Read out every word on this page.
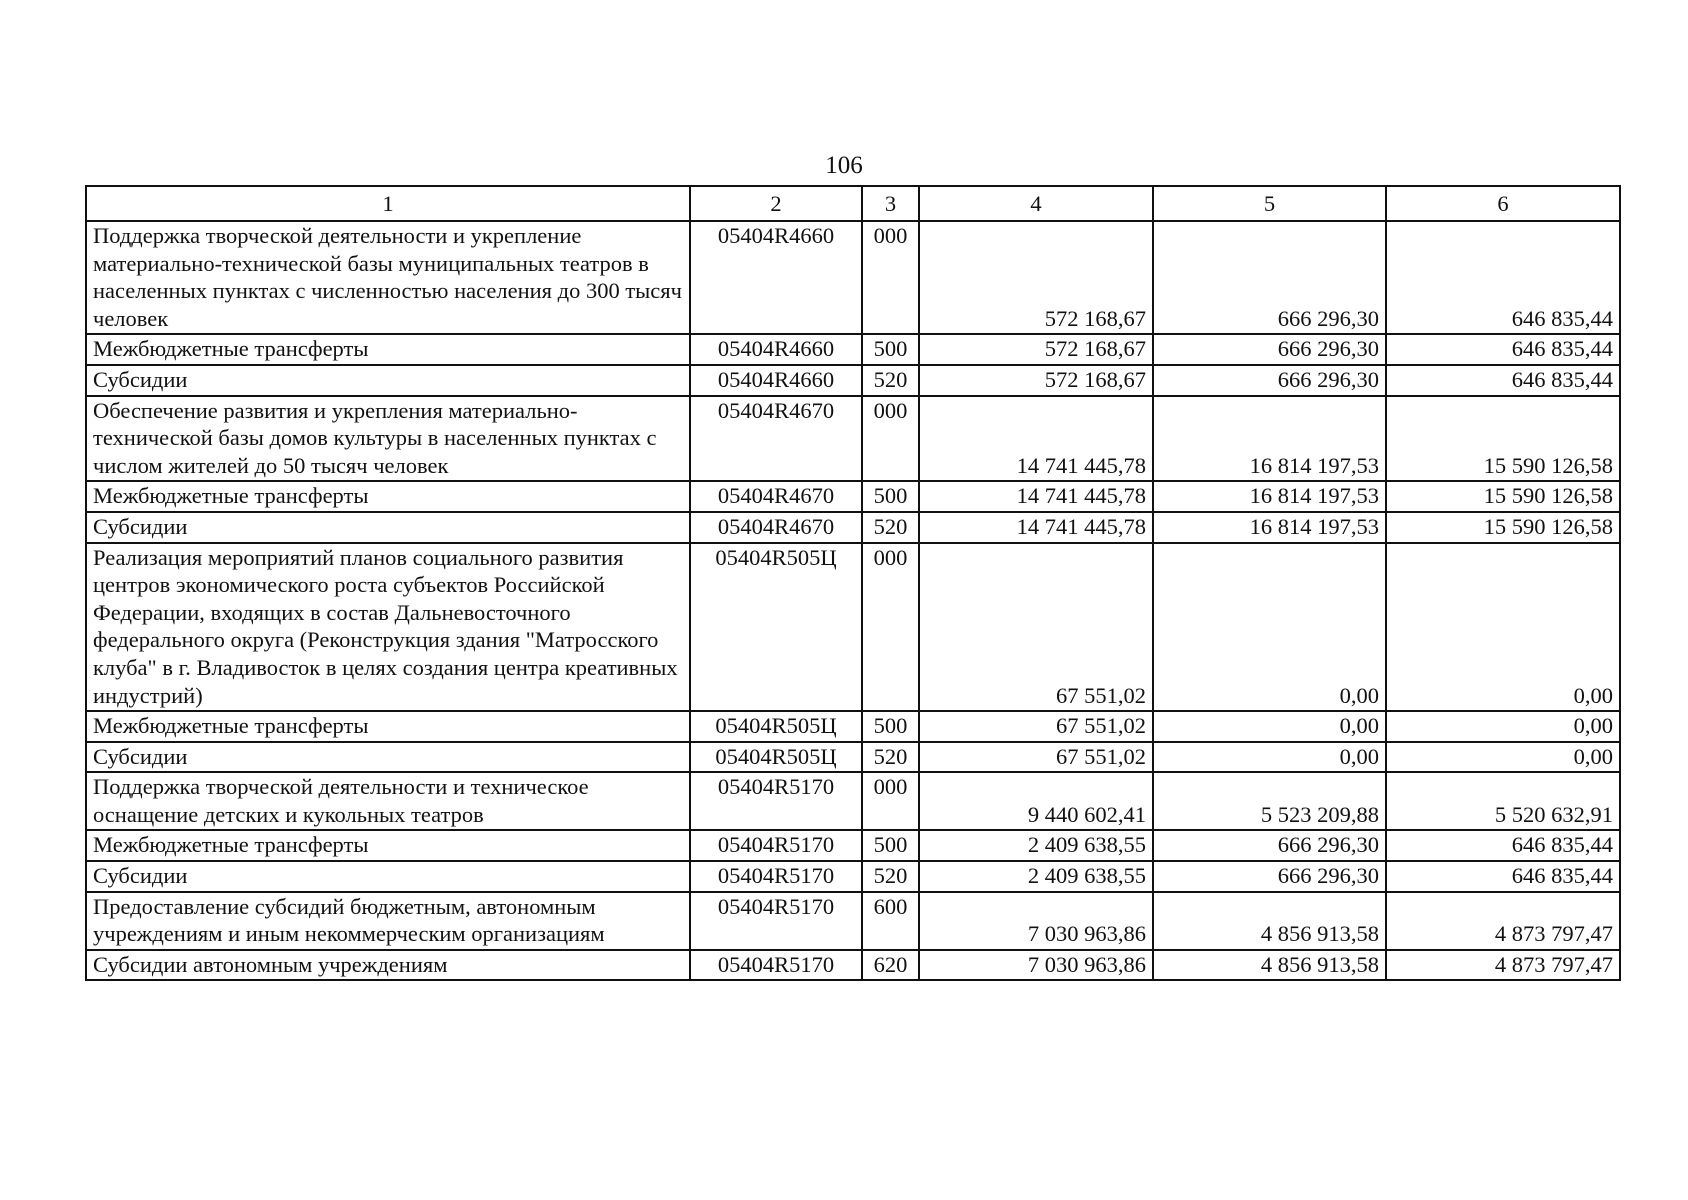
106
1	2	3	4	5	6
Поддержка творческой деятельности и укрепление материально-технической базы муниципальных театров в населенных пунктах с численностью населения до 300 тысяч человек	05404R4660	000	572 168,67	666 296,30	646 835,44
Межбюджетные трансферты	05404R4660	500	572 168,67	666 296,30	646 835,44
Субсидии	05404R4660	520	572 168,67	666 296,30	646 835,44
Обеспечение развития и укрепления материально-технической базы домов культуры в населенных пунктах с числом жителей до 50 тысяч человек	05404R4670	000	14 741 445,78	16 814 197,53	15 590 126,58
Межбюджетные трансферты	05404R4670	500	14 741 445,78	16 814 197,53	15 590 126,58
Субсидии	05404R4670	520	14 741 445,78	16 814 197,53	15 590 126,58
Реализация мероприятий планов социального развития центров экономического роста субъектов Российской Федерации, входящих в состав Дальневосточного федерального округа (Реконструкция здания "Матросского клуба" в г. Владивосток в целях создания центра креативных индустрий)	05404R505Ц	000	67 551,02	0,00	0,00
Межбюджетные трансферты	05404R505Ц	500	67 551,02	0,00	0,00
Субсидии	05404R505Ц	520	67 551,02	0,00	0,00
Поддержка творческой деятельности и техническое оснащение детских и кукольных театров	05404R5170	000	9 440 602,41	5 523 209,88	5 520 632,91
Межбюджетные трансферты	05404R5170	500	2 409 638,55	666 296,30	646 835,44
Субсидии	05404R5170	520	2 409 638,55	666 296,30	646 835,44
Предоставление субсидий бюджетным, автономным учреждениям и иным некоммерческим организациям	05404R5170	600	7 030 963,86	4 856 913,58	4 873 797,47
Субсидии автономным учреждениям	05404R5170	620	7 030 963,86	4 856 913,58	4 873 797,47
